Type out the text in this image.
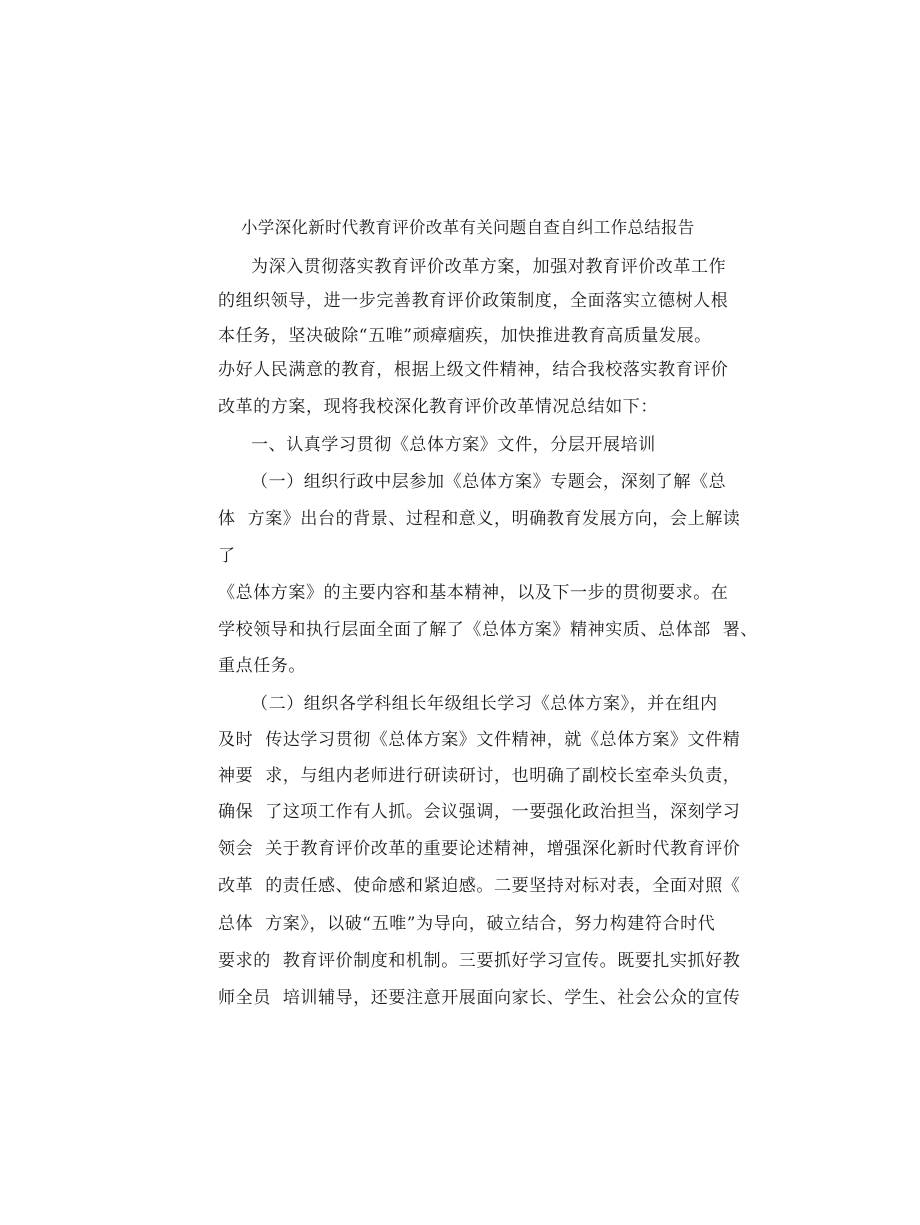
小学深化新时代教育评价改革有关问题自查自纠工作总结报告
为深入贯彻落实教育评价改革方案，加强对教育评价改革工作
的组织领导，进一步完善教育评价政策制度，全面落实立德树人根
本任务，坚决破除“五唯”顽瘴痼疾，加快推进教育高质量发展。
办好人民满意的教育，根据上级文件精神，结合我校落实教育评价
改革的方案，现将我校深化教育评价改革情况总结如下：
一、认真学习贯彻《总体方案》文件，分层开展培训
（一）组织行政中层参加《总体方案》专题会，深刻了解《总
体  方案》出台的背景、过程和意义，明确教育发展方向，会上解读
了
《总体方案》的主要内容和基本精神，以及下一步的贯彻要求。在
学校领导和执行层面全面了解了《总体方案》精神实质、总体部  署、
重点任务。
（二）组织各学科组长年级组长学习《总体方案》，并在组内
及时  传达学习贯彻《总体方案》文件精神，就《总体方案》文件精
神要  求，与组内老师进行研读研讨，也明确了副校长室牵头负责，
确保  了这项工作有人抓。会议强调，一要强化政治担当，深刻学习
领会  关于教育评价改革的重要论述精神，增强深化新时代教育评价
改革  的责任感、使命感和紧迫感。二要坚持对标对表，全面对照《
总体  方案》，以破“五唯”为导向，破立结合，努力构建符合时代
要求的  教育评价制度和机制。三要抓好学习宣传。既要扎实抓好教
师全员  培训辅导，还要注意开展面向家长、学生、社会公众的宣传
